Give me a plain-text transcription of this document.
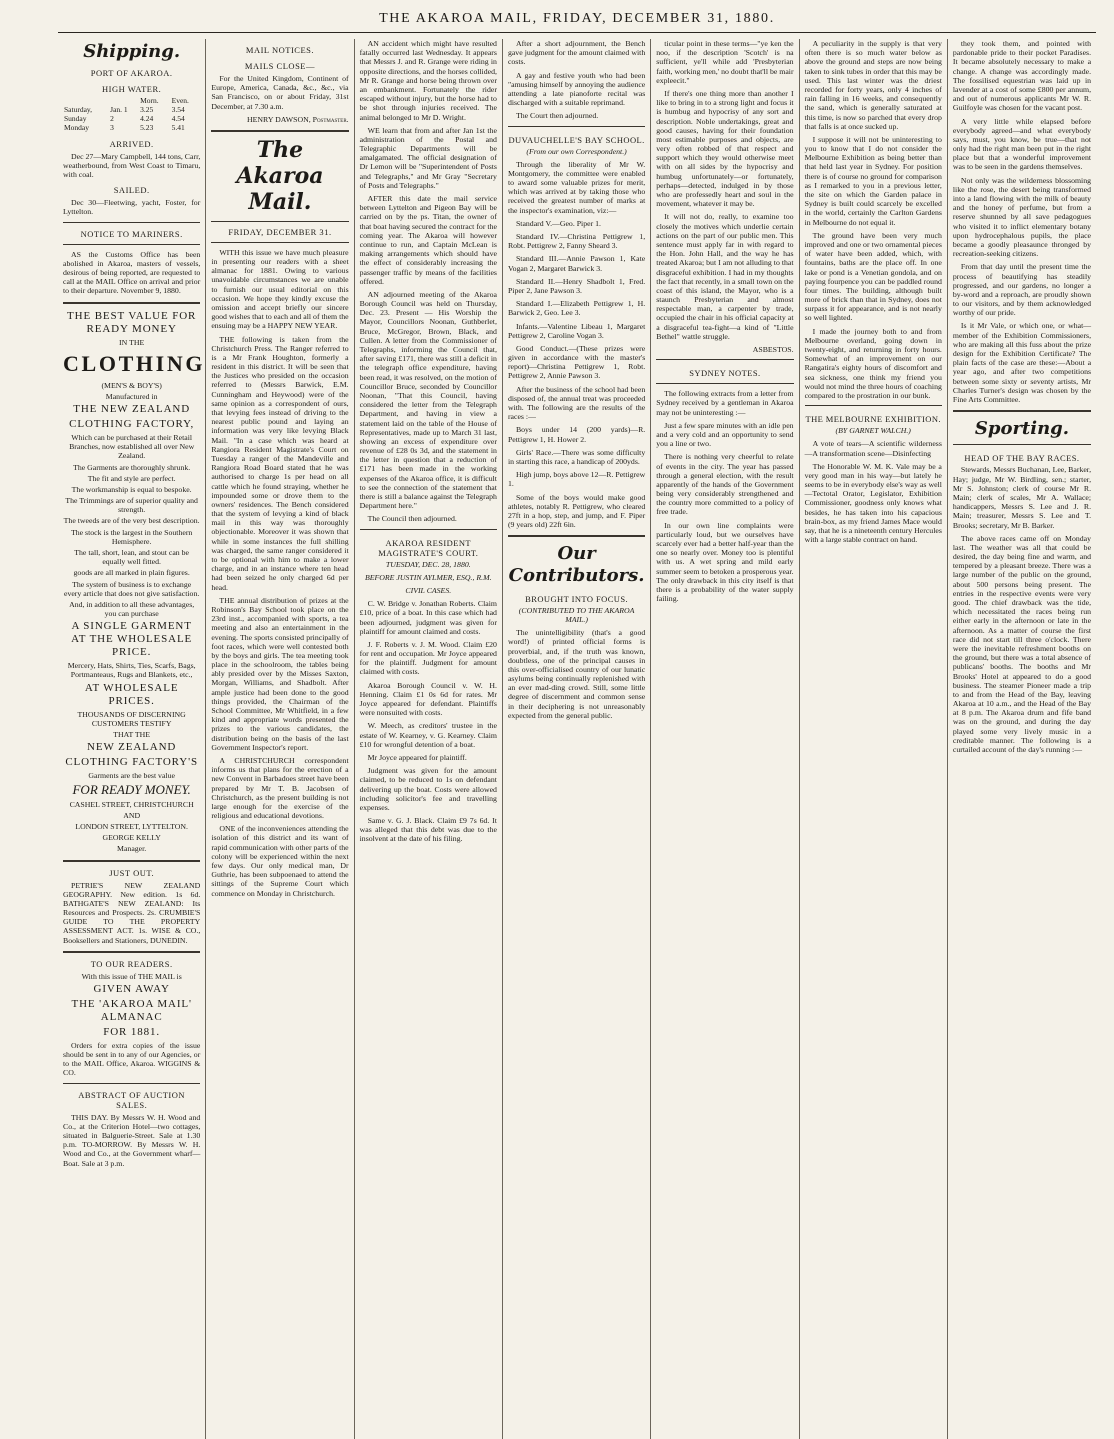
THE AKAROA MAIL, FRIDAY, DECEMBER 31, 1880.
Shipping.
PORT OF AKAROA.
HIGH WATER.
		Morn.	Even.
Saturday,	Jan. 1	3.25	3.54
Sunday	2	4.24	4.54
Monday	3	5.23	5.41
ARRIVED.

Dec 27—Mary Campbell, 144 tons, Carr, weatherbound, from West Coast to Timaru, with coal.

SAILED.

Dec 30—Fleetwing, yacht, Foster, for Lyttelton.

NOTICE TO MARINERS.

AS the Customs Office has been abolished in Akaroa, masters of vessels, desirous of being reported, are requested to call at the MAIL Office on arrival and prior to their departure. November 9, 1880.

THE BEST VALUE FOR READY MONEY
IN THE
CLOTHING
(MEN'S & BOY'S)
Manufactured in
THE NEW ZEALAND
CLOTHING FACTORY,
Which can be purchased at their Retail Branches, now established all over New Zealand.
The Garments are thoroughly shrunk.
The fit and style are perfect.
The workmanship is equal to bespoke.
The Trimmings are of superior quality and strength.
The tweeds are of the very best description.
The stock is the largest in the Southern Hemisphere.
The tall, short, lean, and stout can be equally well fitted.
goods are all marked in plain figures.
The system of business is to exchange every article that does not give satisfaction.
And, in addition to all these advantages, you can purchase
A SINGLE GARMENT AT THE WHOLESALE PRICE.
Mercery, Hats, Shirts, Ties, Scarfs, Bags, Portmanteaus, Rugs and Blankets, etc.,
AT WHOLESALE PRICES.
THOUSANDS OF DISCERNING CUSTOMERS TESTIFY
THAT THE
NEW ZEALAND
CLOTHING FACTORY'S
Garments are the best value
FOR READY MONEY.
CASHEL STREET, CHRISTCHURCH
AND
LONDON STREET, LYTTELTON.
GEORGE KELLY
Manager.
JUST OUT.

PETRIE'S NEW ZEALAND GEOGRAPHY. New edition. 1s 6d. BATHGATE'S NEW ZEALAND: Its Resources and Prospects. 2s. CRUMBIE'S GUIDE TO THE PROPERTY ASSESSMENT ACT. 1s. WISE & CO., Booksellers and Stationers, DUNEDIN.

TO OUR READERS.
With this issue of THE MAIL is
GIVEN AWAY
THE 'AKAROA MAIL' ALMANAC
FOR 1881.

Orders for extra copies of the issue should be sent in to any of our Agencies, or to the MAIL Office, Akaroa. WIGGINS & CO.

ABSTRACT OF AUCTION SALES.

THIS DAY. By Messrs W. H. Wood and Co., at the Criterion Hotel—two cottages, situated in Balguerie-Street. Sale at 1.30 p.m. TO-MORROW. By Messrs W. H. Wood and Co., at the Government wharf—Boat. Sale at 3 p.m.

MAIL NOTICES.
MAILS CLOSE—

For the United Kingdom, Continent of Europe, America, Canada, &c., &c., via San Francisco, on or about Friday, 31st December, at 7.30 a.m.

HENRY DAWSON, Postmaster.
The Akaroa Mail.
FRIDAY, DECEMBER 31.

WITH this issue we have much pleasure in presenting our readers with a sheet almanac for 1881. Owing to various unavoidable circumstances we are unable to furnish our usual editorial on this occasion. We hope they kindly excuse the omission and accept briefly our sincere good wishes that to each and all of them the ensuing may be a HAPPY NEW YEAR.

THE following is taken from the Christchurch Press. The Ranger referred to is a Mr Frank Houghton, formerly a resident in this district. It will be seen that the Justices who presided on the occasion referred to (Messrs Barwick, E.M. Cunningham and Heywood) were of the same opinion as a correspondent of ours, that levying fees instead of driving to the nearest public pound and laying an information was very like levying Black Mail. "In a case which was heard at Rangiora Resident Magistrate's Court on Tuesday a ranger of the Mandeville and Rangiora Road Board stated that he was authorised to charge 1s per head on all cattle which he found straying, whether he impounded some or drove them to the owners' residences. The Bench considered that the system of levying a kind of black mail in this way was thoroughly objectionable. Moreover it was shown that while in some instances the full shilling was charged, the same ranger considered it to be optional with him to make a lower charge, and in an instance where ten head had been seized he only charged 6d per head.

THE annual distribution of prizes at the Robinson's Bay School took place on the 23rd inst., accompanied with sports, a tea meeting and also an entertainment in the evening. The sports consisted principally of foot races, which were well contested both by the boys and girls. The tea meeting took place in the schoolroom, the tables being ably presided over by the Misses Saxton, Morgan, Williams, and Shadbolt. After ample justice had been done to the good things provided, the Chairman of the School Committee, Mr Whitfield, in a few kind and appropriate words presented the prizes to the various candidates, the distribution being on the basis of the last Government Inspector's report.

A CHRISTCHURCH correspondent informs us that plans for the erection of a new Convent in Barbadoes street have been prepared by Mr T. B. Jacobsen of Christchurch, as the present building is not large enough for the exercise of the religious and educational devotions.

ONE of the inconveniences attending the isolation of this district and its want of rapid communication with other parts of the colony will be experienced within the next few days. Our only medical man, Dr Guthrie, has been subpoenaed to attend the sittings of the Supreme Court which commence on Monday in Christchurch.

AN accident which might have resulted fatally occurred last Wednesday. It appears that Messrs J. and R. Grange were riding in opposite directions, and the horses collided, Mr R. Grange and horse being thrown over an embankment. Fortunately the rider escaped without injury, but the horse had to be shot through injuries received. The animal belonged to Mr D. Wright.

WE learn that from and after Jan 1st the administration of the Postal and Telegraphic Departments will be amalgamated. The official designation of Dr Lemon will be "Superintendent of Posts and Telegraphs," and Mr Gray "Secretary of Posts and Telegraphs."

AFTER this date the mail service between Lyttelton and Pigeon Bay will be carried on by the ps. Titan, the owner of that boat having secured the contract for the coming year. The Akaroa will however continue to run, and Captain McLean is making arrangements which should have the effect of considerably increasing the passenger traffic by means of the facilities offered.

AN adjourned meeting of the Akaroa Borough Council was held on Thursday, Dec. 23. Present — His Worship the Mayor, Councillors Noonan, Guthberlet, Bruce, McGregor, Brown, Black, and Cullen. A letter from the Commissioner of Telegraphs, informing the Council that, after saving £171, there was still a deficit in the telegraph office expenditure, having been read, it was resolved, on the motion of Councillor Bruce, seconded by Councillor Noonan, "That this Council, having considered the letter from the Telegraph Department, and having in view a statement laid on the table of the House of Representatives, made up to March 31 last, showing an excess of expenditure over revenue of £28 0s 3d, and the statement in the letter in question that a reduction of £171 has been made in the working expenses of the Akaroa office, it is difficult to see the connection of the statement that there is still a balance against the Telegraph Department here."

The Council then adjourned.

AKAROA RESIDENT MAGISTRATE'S COURT.
TUESDAY, DEC. 28, 1880.
BEFORE JUSTIN AYLMER, ESQ., R.M.
CIVIL CASES.

C. W. Bridge v. Jonathan Roberts. Claim £10, price of a boat. In this case which had been adjourned, judgment was given for plaintiff for amount claimed and costs.

J. F. Roberts v. J. M. Wood. Claim £20 for rent and occupation. Mr Joyce appeared for the plaintiff. Judgment for amount claimed with costs.

Akaroa Borough Council v. W. H. Henning. Claim £1 0s 6d for rates. Mr Joyce appeared for defendant. Plaintiffs were nonsuited with costs.

W. Meech, as creditors' trustee in the estate of W. Kearney, v. G. Kearney. Claim £10 for wrongful detention of a boat.

Mr Joyce appeared for plaintiff.

Judgment was given for the amount claimed, to be reduced to 1s on defendant delivering up the boat. Costs were allowed including solicitor's fee and travelling expenses.

Same v. G. J. Black. Claim £9 7s 6d. It was alleged that this debt was due to the insolvent at the date of his filing.

After a short adjournment, the Bench gave judgment for the amount claimed with costs.

A gay and festive youth who had been "amusing himself by annoying the audience attending a late pianoforte recital was discharged with a suitable reprimand.

The Court then adjourned.

DUVAUCHELLE'S BAY SCHOOL.
(From our own Correspondent.)

Through the liberality of Mr W. Montgomery, the committee were enabled to award some valuable prizes for merit, which was arrived at by taking those who received the greatest number of marks at the inspector's examination, viz:—

Standard V.—Geo. Piper 1.

Standard IV.—Christina Pettigrew 1, Robt. Pettigrew 2, Fanny Sheard 3.

Standard III.—Annie Pawson 1, Kate Vogan 2, Margaret Barwick 3.

Standard II.—Henry Shadbolt 1, Fred. Piper 2, Jane Pawson 3.

Standard I.—Elizabeth Pettigrew 1, H. Barwick 2, Geo. Lee 3.

Infants.—Valentine Libeau 1, Margaret Pettigrew 2, Caroline Vogan 3.

Good Conduct.—(These prizes were given in accordance with the master's report)—Christina Pettigrew 1, Robt. Pettigrew 2, Annie Pawson 3.

After the business of the school had been disposed of, the annual treat was proceeded with. The following are the results of the races :—

Boys under 14 (200 yards)—R. Pettigrew 1, H. Hower 2.

Girls' Race.—There was some difficulty in starting this race, a handicap of 200yds.

High jump, boys above 12—R. Pettigrew 1.

Some of the boys would make good athletes, notably R. Pettigrew, who cleared 27ft in a hop, step, and jump, and F. Piper (9 years old) 22ft 6in.

Our Contributors.
BROUGHT INTO FOCUS.
(CONTRIBUTED TO THE AKAROA MAIL.)

The unintelligibility (that's a good word!) of printed official forms is proverbial, and, if the truth was known, doubtless, one of the principal causes in this over-officialised country of our lunatic asylums being continually replenished with an ever mad-ding crowd. Still, some little degree of discernment and common sense in their deciphering is not unreasonably expected from the general public.

ticular point in these terms—"ye ken the noo, if the description 'Scotch' is na sufficient, ye'll while add 'Presbyterian faith, working men,' no doubt that'll be mair expleecit."

If there's one thing more than another I like to bring in to a strong light and focus it is humbug and hypocrisy of any sort and description. Noble undertakings, great and good causes, having for their foundation most estimable purposes and objects, are very often robbed of that respect and support which they would otherwise meet with on all sides by the hypocrisy and humbug unfortunately—or fortunately, perhaps—detected, indulged in by those who are professedly heart and soul in the movement, whatever it may be.

It will not do, really, to examine too closely the motives which underlie certain actions on the part of our public men. This sentence must apply far in with regard to the Hon. John Hall, and the way he has treated Akaroa; but I am not alluding to that disgraceful exhibition. I had in my thoughts the fact that recently, in a small town on the coast of this island, the Mayor, who is a staunch Presbyterian and almost respectable man, a carpenter by trade, occupied the chair in his official capacity at a disgraceful tea-fight—a kind of "Little Bethel" wattle struggle.

ASBESTOS.
SYDNEY NOTES.

The following extracts from a letter from Sydney received by a gentleman in Akaroa may not be uninteresting :—

Just a few spare minutes with an idle pen and a very cold and an opportunity to send you a line or two.

There is nothing very cheerful to relate of events in the city. The year has passed through a general election, with the result apparently of the hands of the Government being very considerably strengthened and the country more committed to a policy of free trade.

In our own line complaints were particularly loud, but we ourselves have scarcely ever had a better half-year than the one so nearly over. Money too is plentiful with us. A wet spring and mild early summer seem to betoken a prosperous year. The only drawback in this city itself is that there is a probability of the water supply failing.

A peculiarity in the supply is that very often there is so much water below as above the ground and steps are now being taken to sink tubes in order that this may be used. This last winter was the driest recorded for forty years, only 4 inches of rain falling in 16 weeks, and consequently the sand, which is generally saturated at this time, is now so parched that every drop that falls is at once sucked up.

I suppose it will not be uninteresting to you to know that I do not consider the Melbourne Exhibition as being better than that held last year in Sydney. For position there is of course no ground for comparison as I remarked to you in a previous letter, the site on which the Garden palace in Sydney is built could scarcely be excelled in the world, certainly the Carlton Gardens in Melbourne do not equal it.

The ground have been very much improved and one or two ornamental pieces of water have been added, which, with fountains, baths are the place off. In one lake or pond is a Venetian gondola, and on paying fourpence you can be paddled round four times. The building, although built more of brick than that in Sydney, does not surpass it for appearance, and is not nearly so well lighted.

I made the journey both to and from Melbourne overland, going down in twenty-eight, and returning in forty hours. Somewhat of an improvement on our Rangatira's eighty hours of discomfort and sea sickness, one think my friend you would not mind the three hours of coaching compared to the prostration in our bunk.

THE MELBOURNE EXHIBITION.
(BY GARNET WALCH.)

A vote of tears—A scientific wilderness—A transformation scene—Disinfecting

The Honorable W. M. K. Vale may be a very good man in his way—but lately he seems to be in everybody else's way as well—Tectotal Orator, Legislator, Exhibition Commissioner, goodness only knows what besides, he has taken into his capacious brain-box, as my friend James Mace would say, that he is a nineteenth century Hercules with a large stable contract on hand.

they took them, and pointed with pardonable pride to their pocket Paradises. It became absolutely necessary to make a change. A change was accordingly made. The fossilised equestrian was laid up in lavender at a cost of some £800 per annum, and out of numerous applicants Mr W. R. Guilfoyle was chosen for the vacant post.

A very little while elapsed before everybody agreed—and what everybody says, must, you know, be true—that not only had the right man been put in the right place but that a wonderful improvement was to be seen in the gardens themselves.

Not only was the wilderness blossoming like the rose, the desert being transformed into a land flowing with the milk of beauty and the honey of perfume, but from a reserve shunned by all save pedagogues who visited it to inflict elementary botany upon hydrocephalous pupils, the place became a goodly pleasaunce thronged by recreation-seeking citizens.

From that day until the present time the process of beautifying has steadily progressed, and our gardens, no longer a by-word and a reproach, are proudly shown to our visitors, and by them acknowledged worthy of our pride.

Is it Mr Vale, or which one, or what—member of the Exhibition Commissioners, who are making all this fuss about the prize design for the Exhibition Certificate? The plain facts of the case are these:—About a year ago, and after two competitions between some sixty or seventy artists, Mr Charles Turner's design was chosen by the Fine Arts Committee.

Sporting.
HEAD OF THE BAY RACES.

Stewards, Messrs Buchanan, Lee, Barker, Hay; judge, Mr W. Birdling, sen.; starter, Mr S. Johnston; clerk of course Mr R. Main; clerk of scales, Mr A. Wallace; handicappers, Messrs S. Lee and J. R. Main; treasurer, Messrs S. Lee and T. Brooks; secretary, Mr B. Barker.

The above races came off on Monday last. The weather was all that could be desired, the day being fine and warm, and tempered by a pleasant breeze. There was a large number of the public on the ground, about 500 persons being present. The entries in the respective events were very good. The chief drawback was the tide, which necessitated the races being run either early in the afternoon or late in the afternoon. As a matter of course the first race did not start till three o'clock. There were the inevitable refreshment booths on the ground, but there was a total absence of publicans' booths. The booths and Mr Brooks' Hotel at appeared to do a good business. The steamer Pioneer made a trip to and from the Head of the Bay, leaving Akaroa at 10 a.m., and the Head of the Bay at 8 p.m. The Akaroa drum and fife band was on the ground, and during the day played some very lively music in a creditable manner. The following is a curtailed account of the day's running :—
